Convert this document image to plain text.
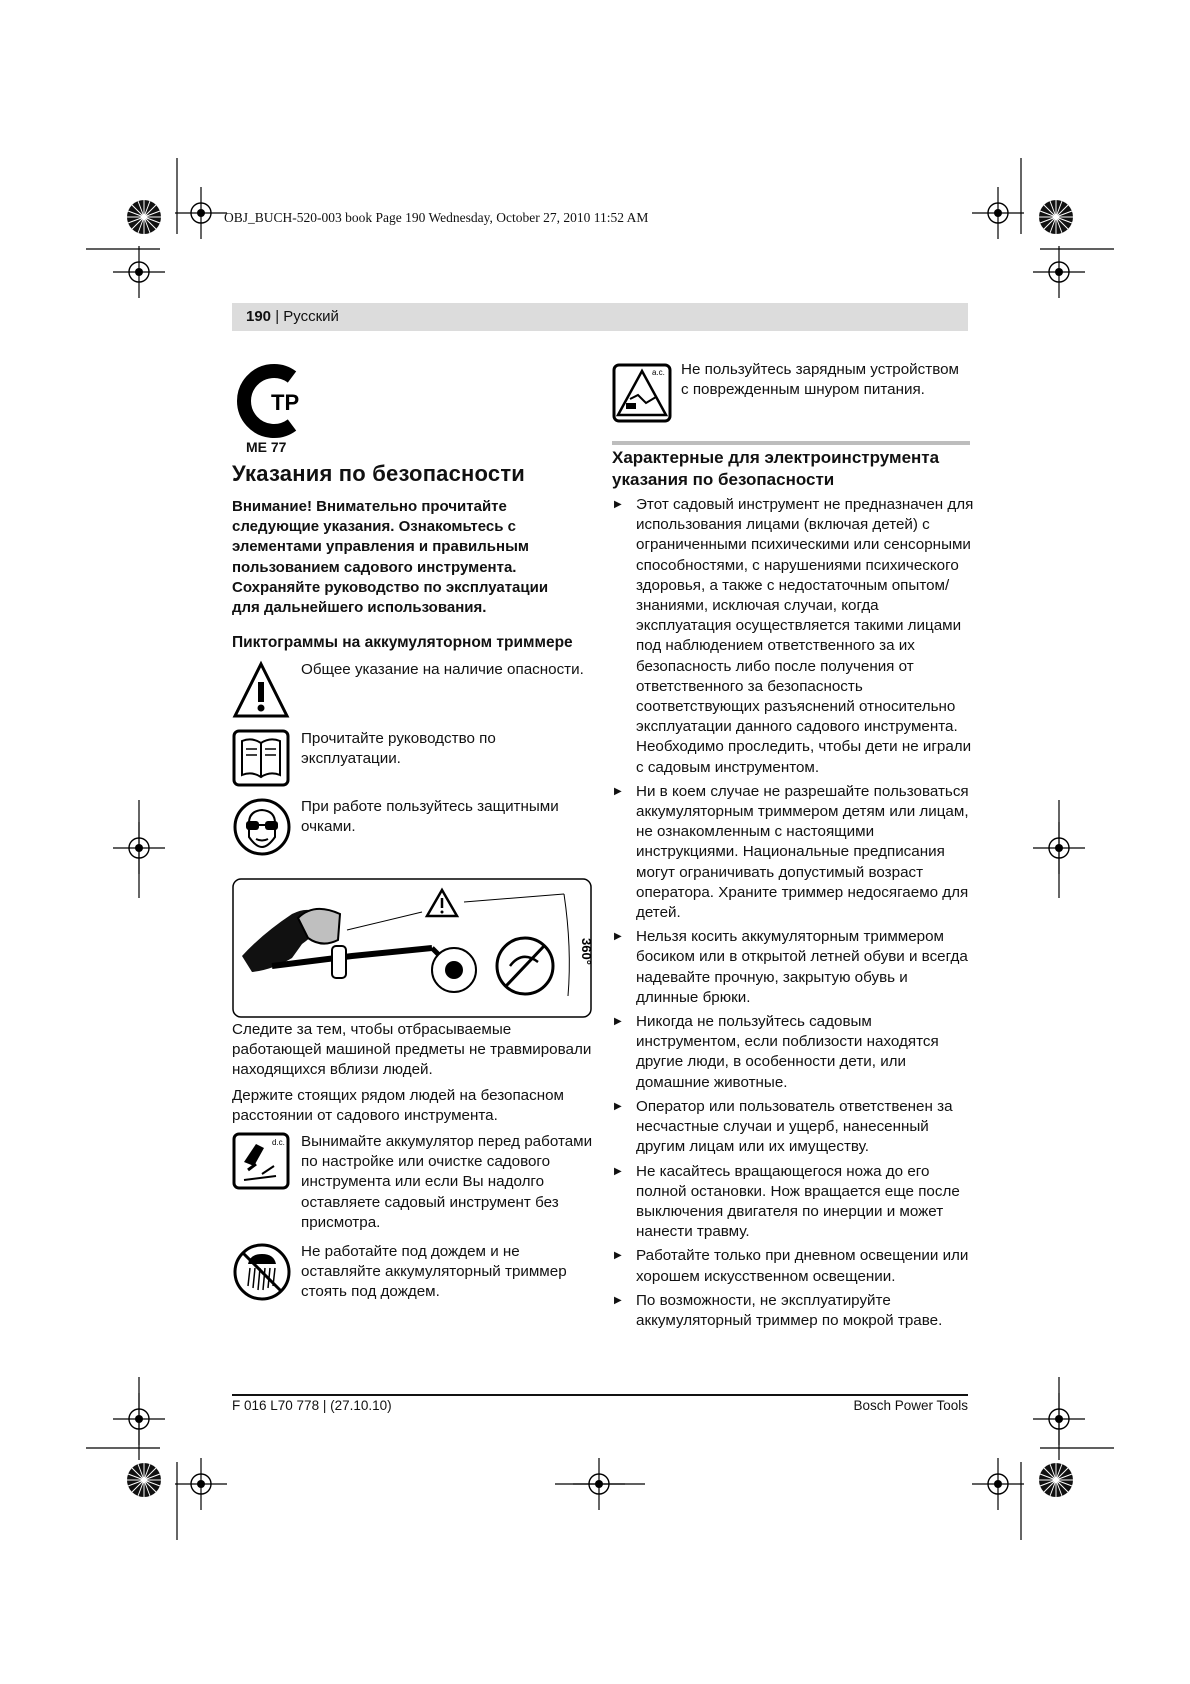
OBJ_BUCH-520-003 book Page 190 Wednesday, October 27, 2010 11:52 AM
190 | Русский
ТР
ME 77
Указания по безопасности
Внимание! Внимательно прочитайте следующие указания. Ознакомьтесь с элементами управления и правильным пользованием садового инструмента. Сохраняйте руководство по эксплуатации для дальнейшего использования.
Пиктограммы на аккумуляторном триммере
Общее указание на наличие опасности.
Прочитайте руководство по эксплуатации.
При работе пользуйтесь защитными очками.
360°
Следите за тем, чтобы отбрасываемые работающей машиной предметы не травмировали находящихся вблизи людей.
Держите стоящих рядом людей на безопасном расстоянии от садового инструмента.
d.c. Вынимайте аккумулятор перед работами по настройке или очистке садового инструмента или если Вы надолго оставляете садовый инструмент без присмотра.
Не работайте под дождем и не оставляйте аккумуляторный триммер стоять под дождем.
a.c. Не пользуйтесь зарядным устройством с поврежденным шнуром питания.
Характерные для электроинструмента указания по безопасности
▶ Этот садовый инструмент не предназначен для использования лицами (включая детей) с ограниченными психическими или сенсорными способностями, с нарушениями психического здоровья, а также с недостаточным опытом/знаниями, исключая случаи, когда эксплуатация осуществляется такими лицами под наблюдением ответственного за их безопасность либо после получения от ответственного за безопасность соответствующих разъяснений относительно эксплуатации данного садового инструмента.
Необходимо проследить, чтобы дети не играли с садовым инструментом.
▶ Ни в коем случае не разрешайте пользоваться аккумуляторным триммером детям или лицам, не ознакомленным с настоящими инструкциями. Национальные предписания могут ограничивать допустимый возраст оператора. Храните триммер недосягаемо для детей.
▶ Нельзя косить аккумуляторным триммером босиком или в открытой летней обуви и всегда надевайте прочную, закрытую обувь и длинные брюки.
▶ Никогда не пользуйтесь садовым инструментом, если поблизости находятся другие люди, в особенности дети, или домашние животные.
▶ Оператор или пользователь ответственен за несчастные случаи и ущерб, нанесенный другим лицам или их имуществу.
▶ Не касайтесь вращающегося ножа до его полной остановки. Нож вращается еще после выключения двигателя по инерции и может нанести травму.
▶ Работайте только при дневном освещении или хорошем искусственном освещении.
▶ По возможности, не эксплуатируйте аккумуляторный триммер по мокрой траве.
F 016 L70 778 | (27.10.10)	Bosch Power Tools
